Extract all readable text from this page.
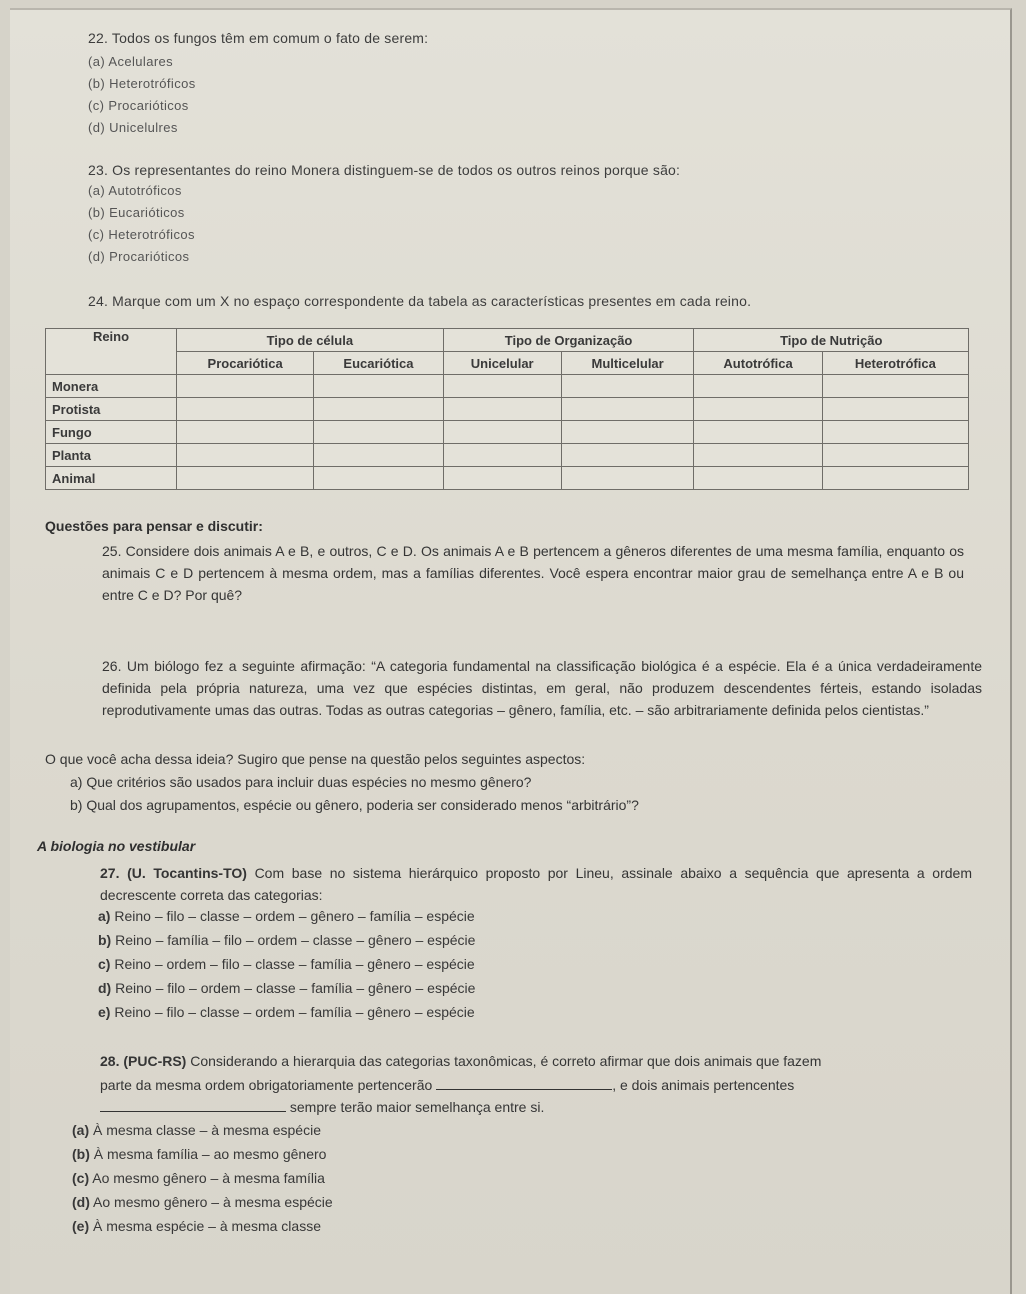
22. Todos os fungos têm em comum o fato de serem:
(a) Acelulares
(b) Heterotróficos
(c) Procarióticos
(d) Unicelulres
23. Os representantes do reino Monera distinguem-se de todos os outros reinos porque são:
(a) Autotróficos
(b) Eucarióticos
(c) Heterotróficos
(d) Procarióticos
24. Marque com um X no espaço correspondente da tabela as características presentes em cada reino.
Reino	Tipo de célula		Tipo de Organização		Tipo de Nutrição	
	Procariótica	Eucariótica	Unicelular	Multicelular	Autotrófica	Heterotrófica
Monera						
Protista						
Fungo						
Planta						
Animal						
Questões para pensar e discutir:
25. Considere dois animais A e B, e outros, C e D. Os animais A e B pertencem a gêneros diferentes de uma mesma família, enquanto os animais C e D pertencem à mesma ordem, mas a famílias diferentes. Você espera encontrar maior grau de semelhança entre A e B ou entre C e D? Por quê?
26. Um biólogo fez a seguinte afirmação: “A categoria fundamental na classificação biológica é a espécie. Ela é a única verdadeiramente definida pela própria natureza, uma vez que espécies distintas, em geral, não produzem descendentes férteis, estando isoladas reprodutivamente umas das outras. Todas as outras categorias – gênero, família, etc. – são arbitrariamente definida pelos cientistas.”
O que você acha dessa ideia? Sugiro que pense na questão pelos seguintes aspectos:
a) Que critérios são usados para incluir duas espécies no mesmo gênero?
b) Qual dos agrupamentos, espécie ou gênero, poderia ser considerado menos “arbitrário”?
A biologia no vestibular
27. (U. Tocantins-TO) Com base no sistema hierárquico proposto por Lineu, assinale abaixo a sequência que apresenta a ordem decrescente correta das categorias:
a) Reino – filo – classe – ordem – gênero – família – espécie
b) Reino – família – filo – ordem – classe – gênero – espécie
c) Reino – ordem – filo – classe – família – gênero – espécie
d) Reino – filo – ordem – classe – família – gênero – espécie
e) Reino – filo – classe – ordem – família – gênero – espécie
28. (PUC-RS) Considerando a hierarquia das categorias taxonômicas, é correto afirmar que dois animais que fazem
parte da mesma ordem obrigatoriamente pertencerão	, e dois animais pertencentes
sempre terão maior semelhança entre si.
(a) À mesma classe – à mesma espécie
(b) À mesma família – ao mesmo gênero
(c) Ao mesmo gênero – à mesma família
(d) Ao mesmo gênero – à mesma espécie
(e) À mesma espécie – à mesma classe
